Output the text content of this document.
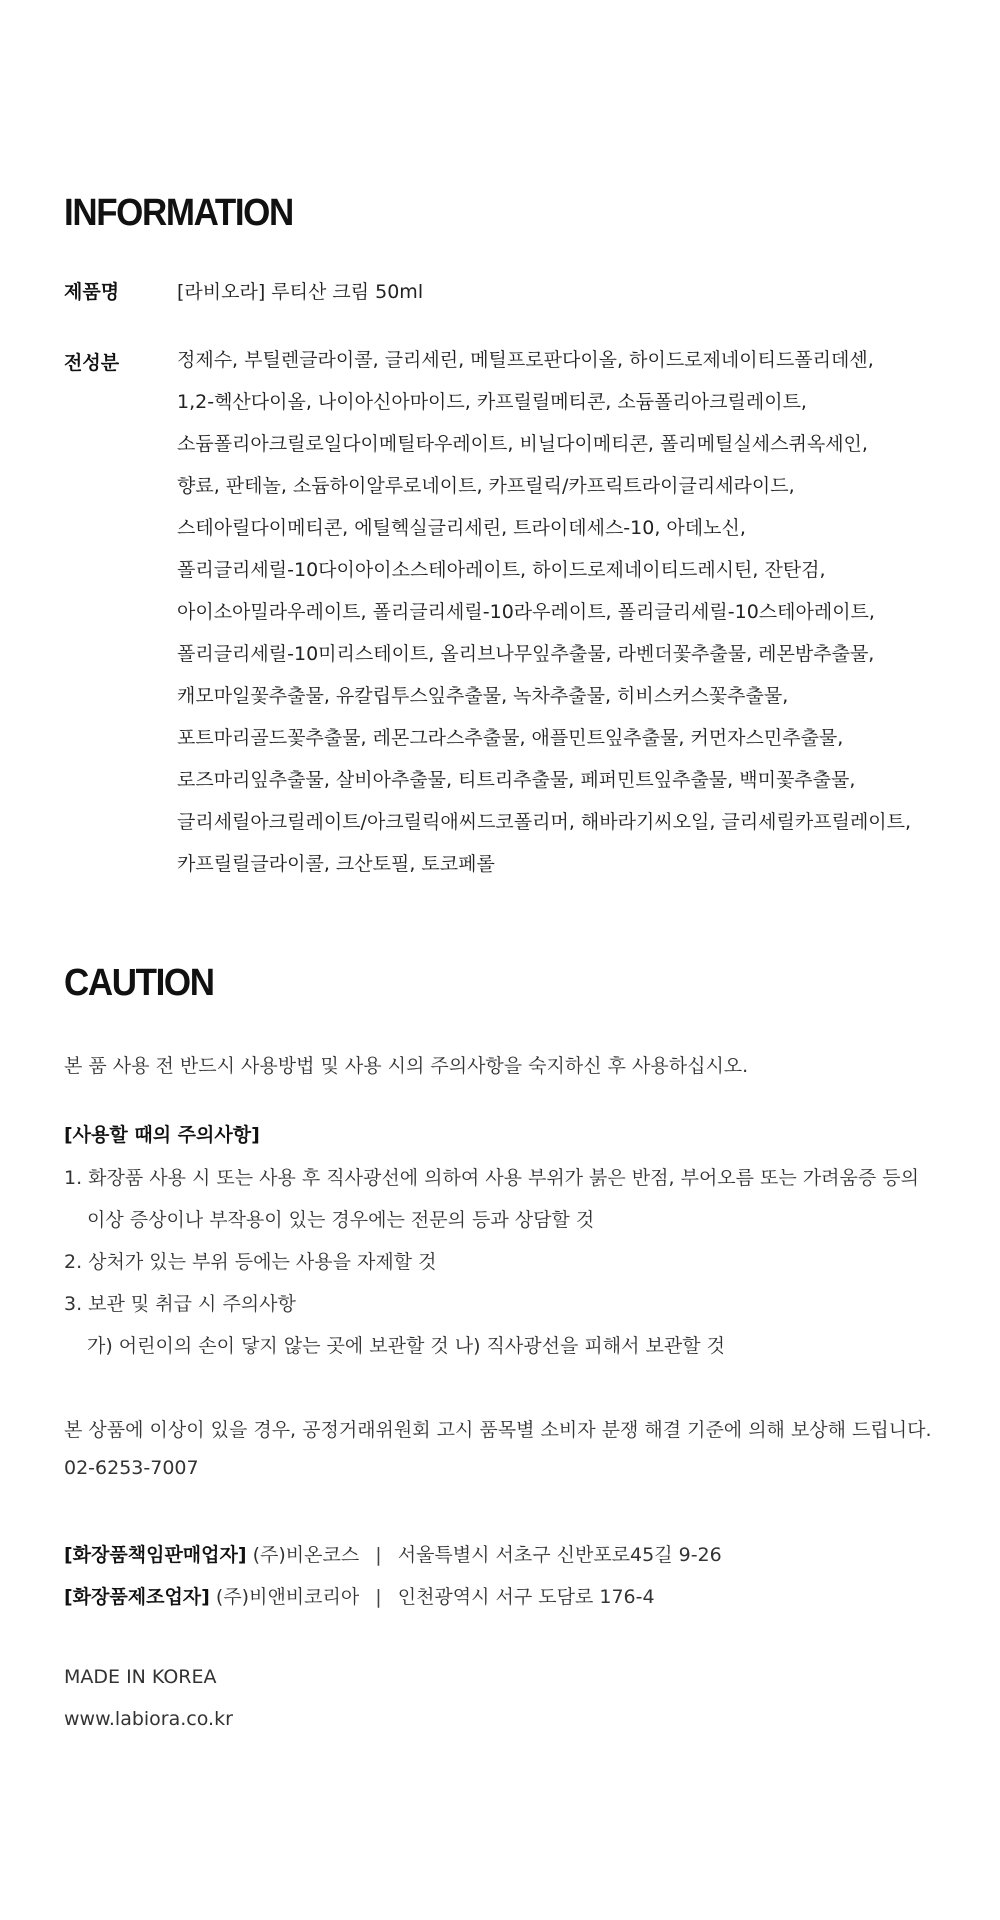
INFORMATION
제품명	[라비오라] 루티산 크림 50ml
전성분	정제수, 부틸렌글라이콜, 글리세린, 메틸프로판다이올, 하이드로제네이티드폴리데센,
1,2-헥산다이올, 나이아신아마이드, 카프릴릴메티콘, 소듐폴리아크릴레이트,
소듐폴리아크릴로일다이메틸타우레이트, 비닐다이메티콘, 폴리메틸실세스퀴옥세인,
향료, 판테놀, 소듐하이알루로네이트, 카프릴릭/카프릭트라이글리세라이드,
스테아릴다이메티콘, 에틸헥실글리세린, 트라이데세스-10, 아데노신,
폴리글리세릴-10다이아이소스테아레이트, 하이드로제네이티드레시틴, 잔탄검,
아이소아밀라우레이트, 폴리글리세릴-10라우레이트, 폴리글리세릴-10스테아레이트,
폴리글리세릴-10미리스테이트, 올리브나무잎추출물, 라벤더꽃추출물, 레몬밤추출물,
캐모마일꽃추출물, 유칼립투스잎추출물, 녹차추출물, 히비스커스꽃추출물,
포트마리골드꽃추출물, 레몬그라스추출물, 애플민트잎추출물, 커먼자스민추출물,
로즈마리잎추출물, 살비아추출물, 티트리추출물, 페퍼민트잎추출물, 백미꽃추출물,
글리세릴아크릴레이트/아크릴릭애씨드코폴리머, 해바라기씨오일, 글리세릴카프릴레이트,
카프릴릴글라이콜, 크산토필, 토코페롤
CAUTION
본 품 사용 전 반드시 사용방법 및 사용 시의 주의사항을 숙지하신 후 사용하십시오.
[사용할 때의 주의사항]
1. 화장품 사용 시 또는 사용 후 직사광선에 의하여 사용 부위가 붉은 반점, 부어오름 또는 가려움증 등의
이상 증상이나 부작용이 있는 경우에는 전문의 등과 상담할 것
2. 상처가 있는 부위 등에는 사용을 자제할 것
3. 보관 및 취급 시 주의사항
가) 어린이의 손이 닿지 않는 곳에 보관할 것 나) 직사광선을 피해서 보관할 것
본 상품에 이상이 있을 경우, 공정거래위원회 고시 품목별 소비자 분쟁 해결 기준에 의해 보상해 드립니다.
02-6253-7007
[화장품책임판매업자] (주)비온코스 | 서울특별시 서초구 신반포로45길 9-26
[화장품제조업자] (주)비앤비코리아 | 인천광역시 서구 도담로 176-4
MADE IN KOREA
www.labiora.co.kr
